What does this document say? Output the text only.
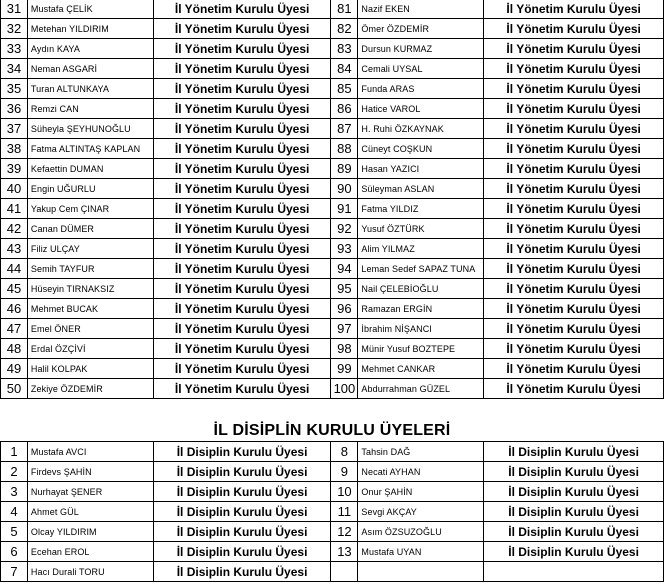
31	Mustafa ÇELİK	İl Yönetim Kurulu Üyesi	81	Nazif EKEN	İl Yönetim Kurulu Üyesi
32	Metehan YILDIRIM	İl Yönetim Kurulu Üyesi	82	Ömer ÖZDEMİR	İl Yönetim Kurulu Üyesi
33	Aydın KAYA	İl Yönetim Kurulu Üyesi	83	Dursun KURMAZ	İl Yönetim Kurulu Üyesi
34	Neman ASGARİ	İl Yönetim Kurulu Üyesi	84	Cemali UYSAL	İl Yönetim Kurulu Üyesi
35	Turan ALTUNKAYA	İl Yönetim Kurulu Üyesi	85	Funda ARAS	İl Yönetim Kurulu Üyesi
36	Remzi CAN	İl Yönetim Kurulu Üyesi	86	Hatice VAROL	İl Yönetim Kurulu Üyesi
37	Süheyla ŞEYHUNOĞLU	İl Yönetim Kurulu Üyesi	87	H. Ruhi ÖZKAYNAK	İl Yönetim Kurulu Üyesi
38	Fatma ALTINTAŞ KAPLAN	İl Yönetim Kurulu Üyesi	88	Cüneyt COŞKUN	İl Yönetim Kurulu Üyesi
39	Kefaettin DUMAN	İl Yönetim Kurulu Üyesi	89	Hasan YAZICI	İl Yönetim Kurulu Üyesi
40	Engin UĞURLU	İl Yönetim Kurulu Üyesi	90	Süleyman ASLAN	İl Yönetim Kurulu Üyesi
41	Yakup Cem ÇINAR	İl Yönetim Kurulu Üyesi	91	Fatma YILDIZ	İl Yönetim Kurulu Üyesi
42	Canan DÜMER	İl Yönetim Kurulu Üyesi	92	Yusuf ÖZTÜRK	İl Yönetim Kurulu Üyesi
43	Filiz ULÇAY	İl Yönetim Kurulu Üyesi	93	Alim YILMAZ	İl Yönetim Kurulu Üyesi
44	Semih TAYFUR	İl Yönetim Kurulu Üyesi	94	Leman Sedef SAPAZ TUNA	İl Yönetim Kurulu Üyesi
45	Hüseyin TIRNAKSIZ	İl Yönetim Kurulu Üyesi	95	Nail ÇELEBİOĞLU	İl Yönetim Kurulu Üyesi
46	Mehmet BUCAK	İl Yönetim Kurulu Üyesi	96	Ramazan ERGİN	İl Yönetim Kurulu Üyesi
47	Emel ÖNER	İl Yönetim Kurulu Üyesi	97	İbrahim NİŞANCI	İl Yönetim Kurulu Üyesi
48	Erdal ÖZÇİVİ	İl Yönetim Kurulu Üyesi	98	Münir Yusuf BOZTEPE	İl Yönetim Kurulu Üyesi
49	Halil KOLPAK	İl Yönetim Kurulu Üyesi	99	Mehmet CANKAR	İl Yönetim Kurulu Üyesi
50	Zekiye ÖZDEMİR	İl Yönetim Kurulu Üyesi	100	Abdurrahman GÜZEL	İl Yönetim Kurulu Üyesi
İL DİSİPLİN KURULU ÜYELERİ
1	Mustafa AVCI	İl Disiplin Kurulu Üyesi	8	Tahsin DAĞ	İl Disiplin Kurulu Üyesi
2	Firdevs ŞAHİN	İl Disiplin Kurulu Üyesi	9	Necati AYHAN	İl Disiplin Kurulu Üyesi
3	Nurhayat ŞENER	İl Disiplin Kurulu Üyesi	10	Onur ŞAHİN	İl Disiplin Kurulu Üyesi
4	Ahmet GÜL	İl Disiplin Kurulu Üyesi	11	Sevgi AKÇAY	İl Disiplin Kurulu Üyesi
5	Olcay YILDIRIM	İl Disiplin Kurulu Üyesi	12	Asım ÖZSUZOĞLU	İl Disiplin Kurulu Üyesi
6	Ecehan EROL	İl Disiplin Kurulu Üyesi	13	Mustafa UYAN	İl Disiplin Kurulu Üyesi
7	Hacı Durali TORU	İl Disiplin Kurulu Üyesi			
